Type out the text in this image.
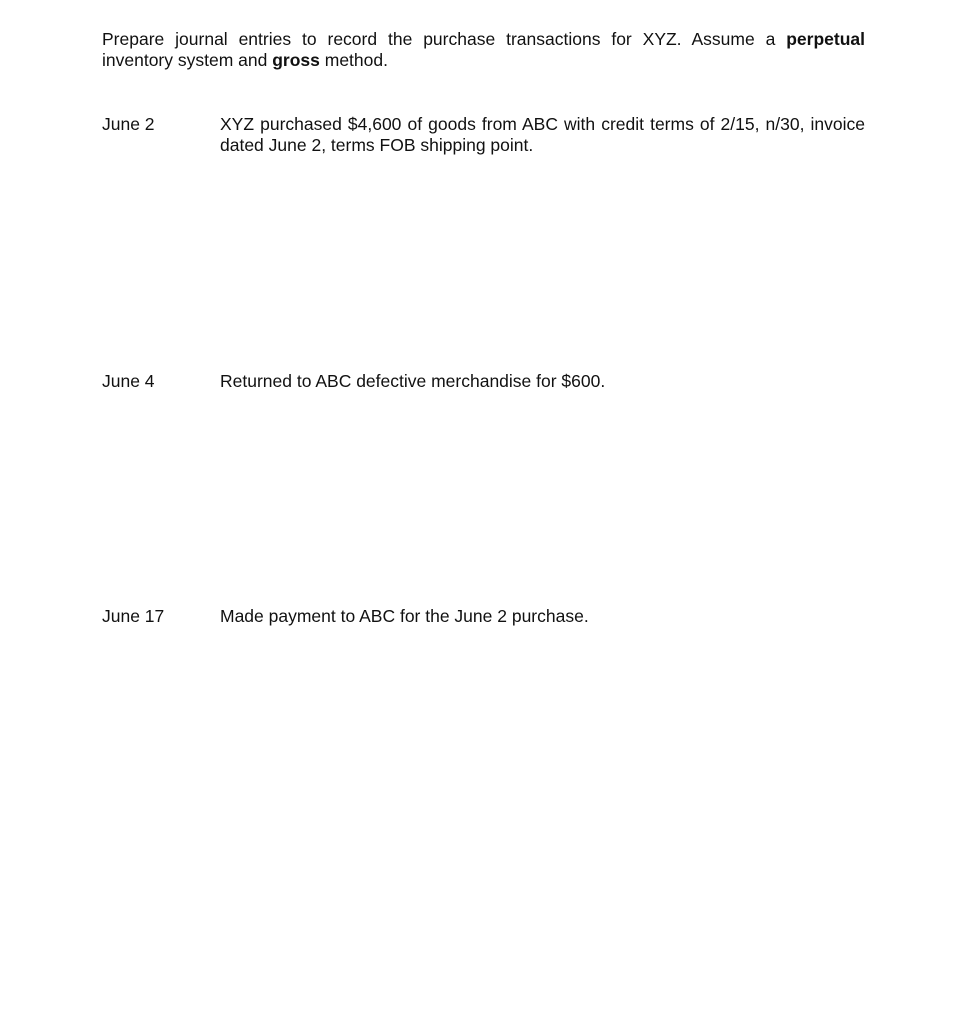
Prepare journal entries to record the purchase transactions for XYZ. Assume a perpetual inventory system and gross method.

June 2	XYZ purchased $4,600 of goods from ABC with credit terms of 2/15, n/30, invoice dated June 2, terms FOB shipping point.
June 4	Returned to ABC defective merchandise for $600.
June 17	Made payment to ABC for the June 2 purchase.
